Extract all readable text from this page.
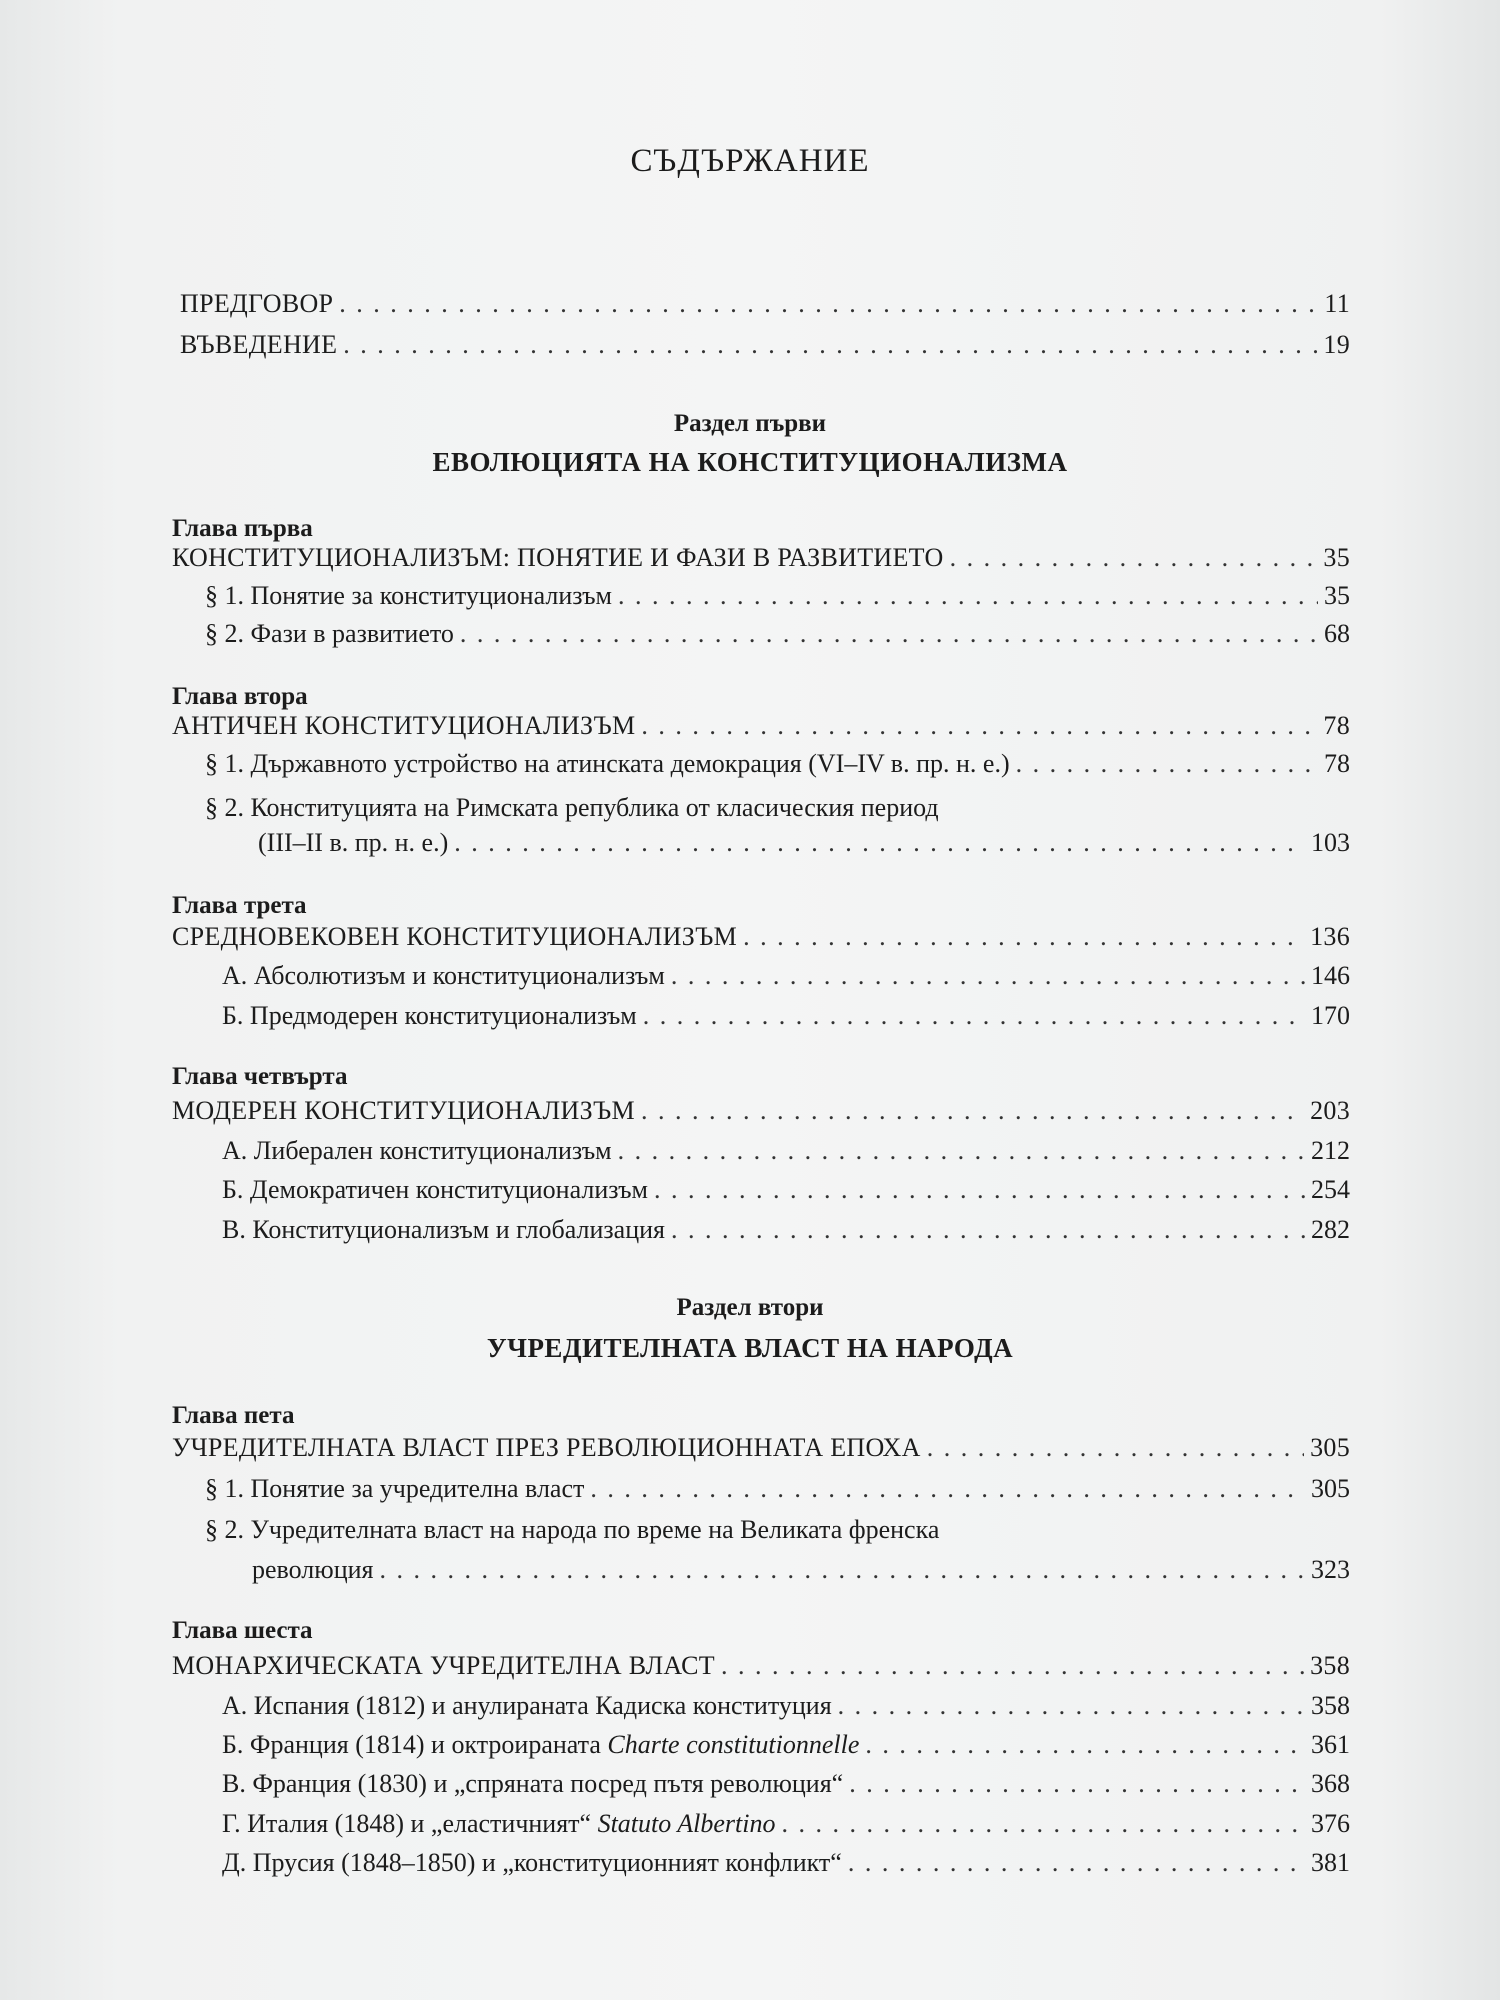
СЪДЪРЖАНИЕ
ПРЕДГОВОР . . .	11
ВЪВЕДЕНИЕ . . .	19
Раздел първи
ЕВОЛЮЦИЯТА НА КОНСТИТУЦИОНАЛИЗМА
Глава първа
КОНСТИТУЦИОНАЛИЗЪМ: ПОНЯТИЕ И ФАЗИ В РАЗВИТИЕТО . . .	35
§ 1. Понятие за конституционализъм . . .	35
§ 2. Фази в развитието . . .	68
Глава втора
АНТИЧЕН КОНСТИТУЦИОНАЛИЗЪМ . . .	78
§ 1. Държавното устройство на атинската демокрация (VI–IV в. пр. н. е.) . . .	78
§ 2. Конституцията на Римската република от класическия период
(III–II в. пр. н. е.) . . .	103
Глава трета
СРЕДНОВЕКОВЕН КОНСТИТУЦИОНАЛИЗЪМ . . .	136
А. Абсолютизъм и конституционализъм . . .	146
Б. Предмодерен конституционализъм . . .	170
Глава четвърта
МОДЕРЕН КОНСТИТУЦИОНАЛИЗЪМ . . .	203
А. Либерален конституционализъм . . .	212
Б. Демократичен конституционализъм . . .	254
В. Конституционализъм и глобализация . . .	282
Раздел втори
УЧРЕДИТЕЛНАТА ВЛАСТ НА НАРОДА
Глава пета
УЧРЕДИТЕЛНАТА ВЛАСТ ПРЕЗ РЕВОЛЮЦИОННАТА ЕПОХА . . .	305
§ 1. Понятие за учредителна власт . . .	305
§ 2. Учредителната власт на народа по време на Великата френска
революция . . .	323
Глава шеста
МОНАРХИЧЕСКАТА УЧРЕДИТЕЛНА ВЛАСТ . . .	358
А. Испания (1812) и анулираната Кадиска конституция . . .	358
Б. Франция (1814) и октроираната Charte constitutionnelle . . .	361
В. Франция (1830) и „спряната посред пътя революция“ . . .	368
Г. Италия (1848) и „еластичният“ Statuto Albertino . . .	376
Д. Прусия (1848–1850) и „конституционният конфликт“ . . .	381
